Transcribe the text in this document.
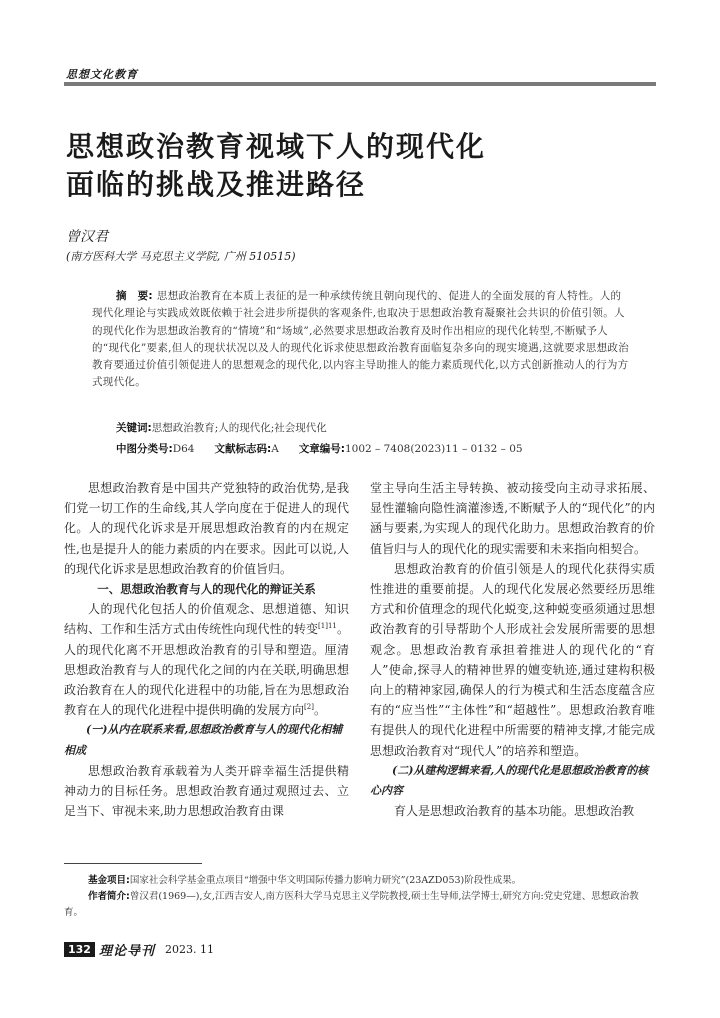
思想文化教育
思想政治教育视域下人的现代化
面临的挑战及推进路径
曾汉君
(南方医科大学 马克思主义学院, 广州 510515)
摘　要: 思想政治教育在本质上表征的是一种承续传统且朝向现代的、促进人的全面发展的育人特性。人的现代化理论与实践成效既依赖于社会进步所提供的客观条件,也取决于思想政治教育凝聚社会共识的价值引领。人的现代化作为思想政治教育的“情境”和“场域”,必然要求思想政治教育及时作出相应的现代化转型,不断赋予人的“现代化”要素,但人的现状状况以及人的现代化诉求使思想政治教育面临复杂多向的现实境遇,这就要求思想政治教育要通过价值引领促进人的思想观念的现代化,以内容主导助推人的能力素质现代化,以方式创新推动人的行为方式现代化。
关键词:思想政治教育;人的现代化;社会现代化
中图分类号:D64 文献标志码:A 文章编号:1002 – 7408(2023)11 – 0132 – 05

思想政治教育是中国共产党独特的政治优势,是我们党一切工作的生命线,其人学向度在于促进人的现代化。人的现代化诉求是开展思想政治教育的内在规定性,也是提升人的能力素质的内在要求。因此可以说,人的现代化诉求是思想政治教育的价值旨归。

一、思想政治教育与人的现代化的辩证关系

人的现代化包括人的价值观念、思想道德、知识结构、工作和生活方式由传统性向现代性的转变$^{[1]11}$。人的现代化离不开思想政治教育的引导和塑造。厘清思想政治教育与人的现代化之间的内在关联,明确思想政治教育在人的现代化进程中的功能,旨在为思想政治教育在人的现代化进程中提供明确的发展方向[2]。

(一)从内在联系来看,思想政治教育与人的现代化相辅相成

思想政治教育承载着为人类开辟幸福生活提供精神动力的目标任务。思想政治教育通过观照过去、立足当下、审视未来,助力思想政治教育由课

堂主导向生活主导转换、被动接受向主动寻求拓展、显性灌输向隐性滴灌渗透,不断赋予人的“现代化”的内涵与要素,为实现人的现代化助力。思想政治教育的价值旨归与人的现代化的现实需要和未来指向相契合。

思想政治教育的价值引领是人的现代化获得实质性推进的重要前提。人的现代化发展必然要经历思维方式和价值理念的现代化蜕变,这种蜕变亟须通过思想政治教育的引导帮助个人形成社会发展所需要的思想观念。思想政治教育承担着推进人的现代化的“育人”使命,探寻人的精神世界的嬗变轨迹,通过建构积极向上的精神家园,确保人的行为模式和生活态度蕴含应有的“应当性”“主体性”和“超越性”。思想政治教育唯有提供人的现代化进程中所需要的精神支撑,才能完成思想政治教育对“现代人”的培养和塑造。

(二)从建构逻辑来看,人的现代化是思想政治教育的核心内容

育人是思想政治教育的基本功能。思想政治教

基金项目:国家社会科学基金重点项目“增强中华文明国际传播力影响力研究”(23AZD053)阶段性成果。

作者简介:曾汉君(1969—),女,江西吉安人,南方医科大学马克思主义学院教授,硕士生导师,法学博士,研究方向:党史党建、思想政治教育。

132 理论导刊 2023. 11
